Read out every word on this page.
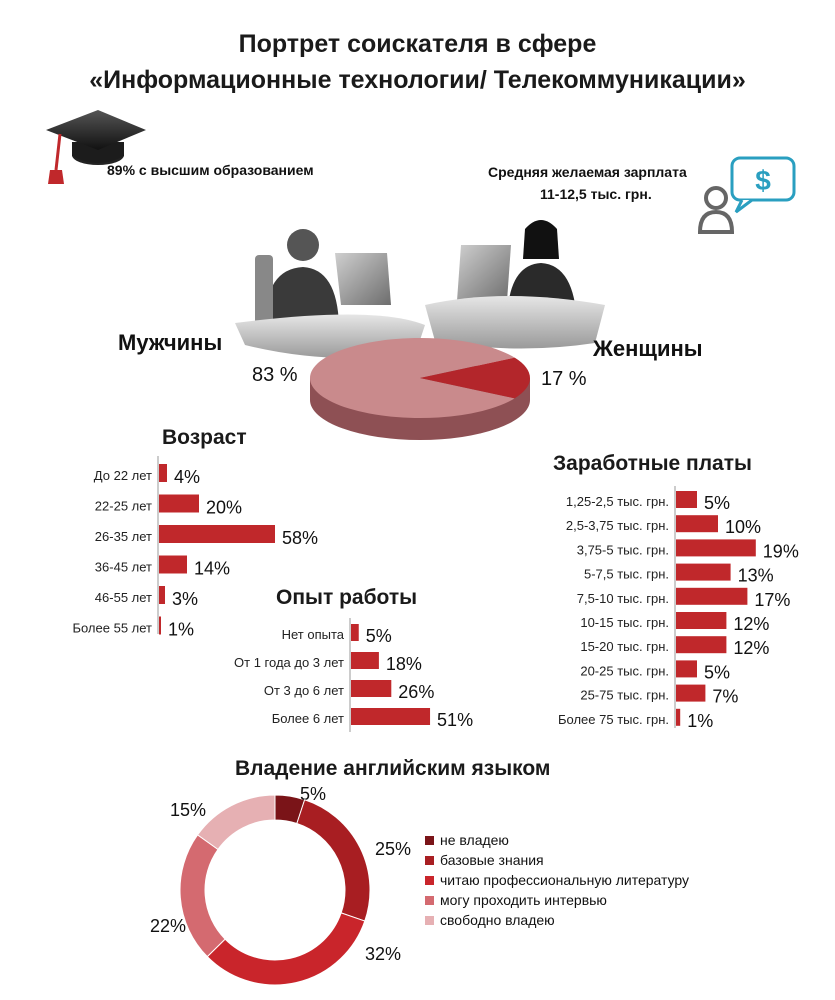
Портрет соискателя в сфере
«Информационные технологии/ Телекоммуникации»
89% с высшим образованием	Средняя желаемая зарплата
11-12,5 тыс. грн.	$
Мужчины	Женщины
83 %	17 %
Возраст
До 22 лет 4%
22-25 лет	20%
26-35 лет	58%
36-45 лет 14%
46-55 лет 3%
Более 55 лет 1%
Опыт работы
Нет опыта 5%
От 1 года до 3 лет 18%
От 3 до 6 лет	26%
Более 6 лет	51%
Заработные платы
1,25-2,5 тыс. грн. 5%
2,5-3,75 тыс. грн.	10%
3,75-5 тыс. грн.	19%
5-7,5 тыс. грн.	13%
7,5-10 тыс. грн.	17%
10-15 тыс. грн.	12%
15-20 тыс. грн.	12%
20-25 тыс. грн. 5%
25-75 тыс. грн. 7%
Более 75 тыс. грн. 1%
Владение английским языком
5%
25%
32%
22%
15%
не владею
базовые знания
читаю профессиональную литературу
могу проходить интервью
свободно владею
